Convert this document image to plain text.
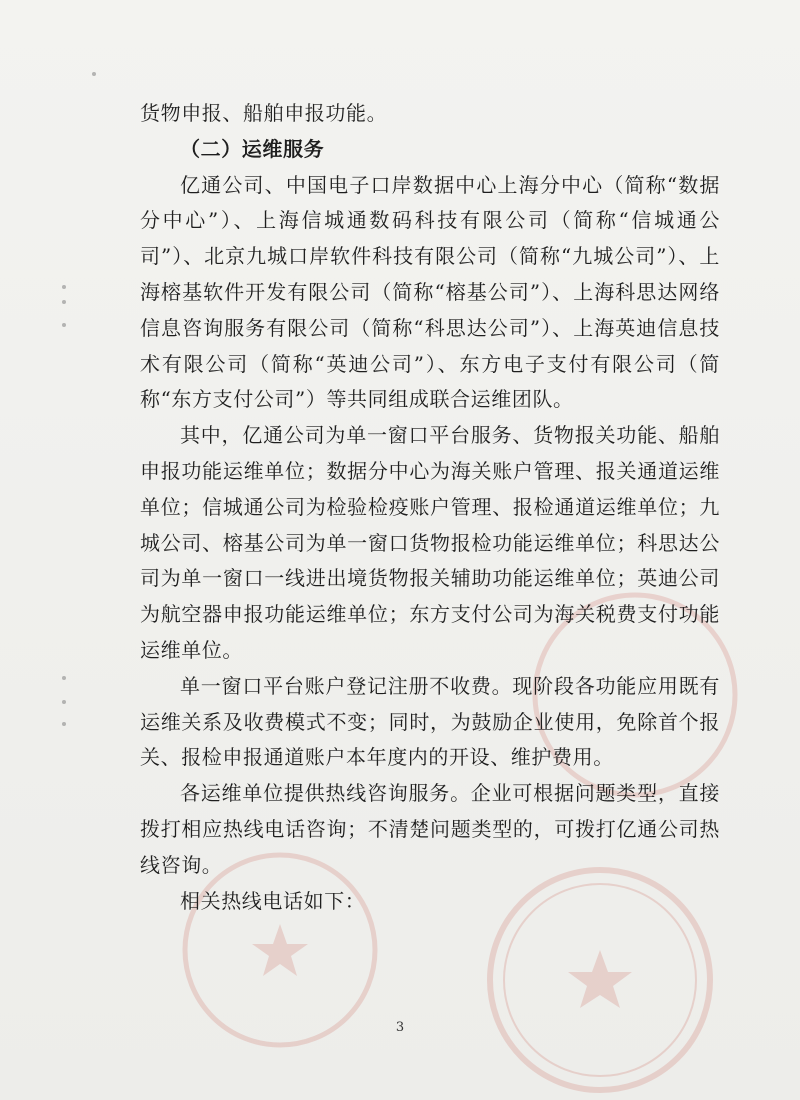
货物申报、船舶申报功能。

（二）运维服务

亿通公司、中国电子口岸数据中心上海分中心（简称“数据分中心”）、上海信城通数码科技有限公司（简称“信城通公司”）、北京九城口岸软件科技有限公司（简称“九城公司”）、上海榕基软件开发有限公司（简称“榕基公司”）、上海科思达网络信息咨询服务有限公司（简称“科思达公司”）、上海英迪信息技术有限公司（简称“英迪公司”）、东方电子支付有限公司（简称“东方支付公司”）等共同组成联合运维团队。

其中，亿通公司为单一窗口平台服务、货物报关功能、船舶申报功能运维单位；数据分中心为海关账户管理、报关通道运维单位；信城通公司为检验检疫账户管理、报检通道运维单位；九城公司、榕基公司为单一窗口货物报检功能运维单位；科思达公司为单一窗口一线进出境货物报关辅助功能运维单位；英迪公司为航空器申报功能运维单位；东方支付公司为海关税费支付功能运维单位。

单一窗口平台账户登记注册不收费。现阶段各功能应用既有运维关系及收费模式不变；同时，为鼓励企业使用，免除首个报关、报检申报通道账户本年度内的开设、维护费用。

各运维单位提供热线咨询服务。企业可根据问题类型，直接拨打相应热线电话咨询；不清楚问题类型的，可拨打亿通公司热线咨询。

相关热线电话如下：

3
